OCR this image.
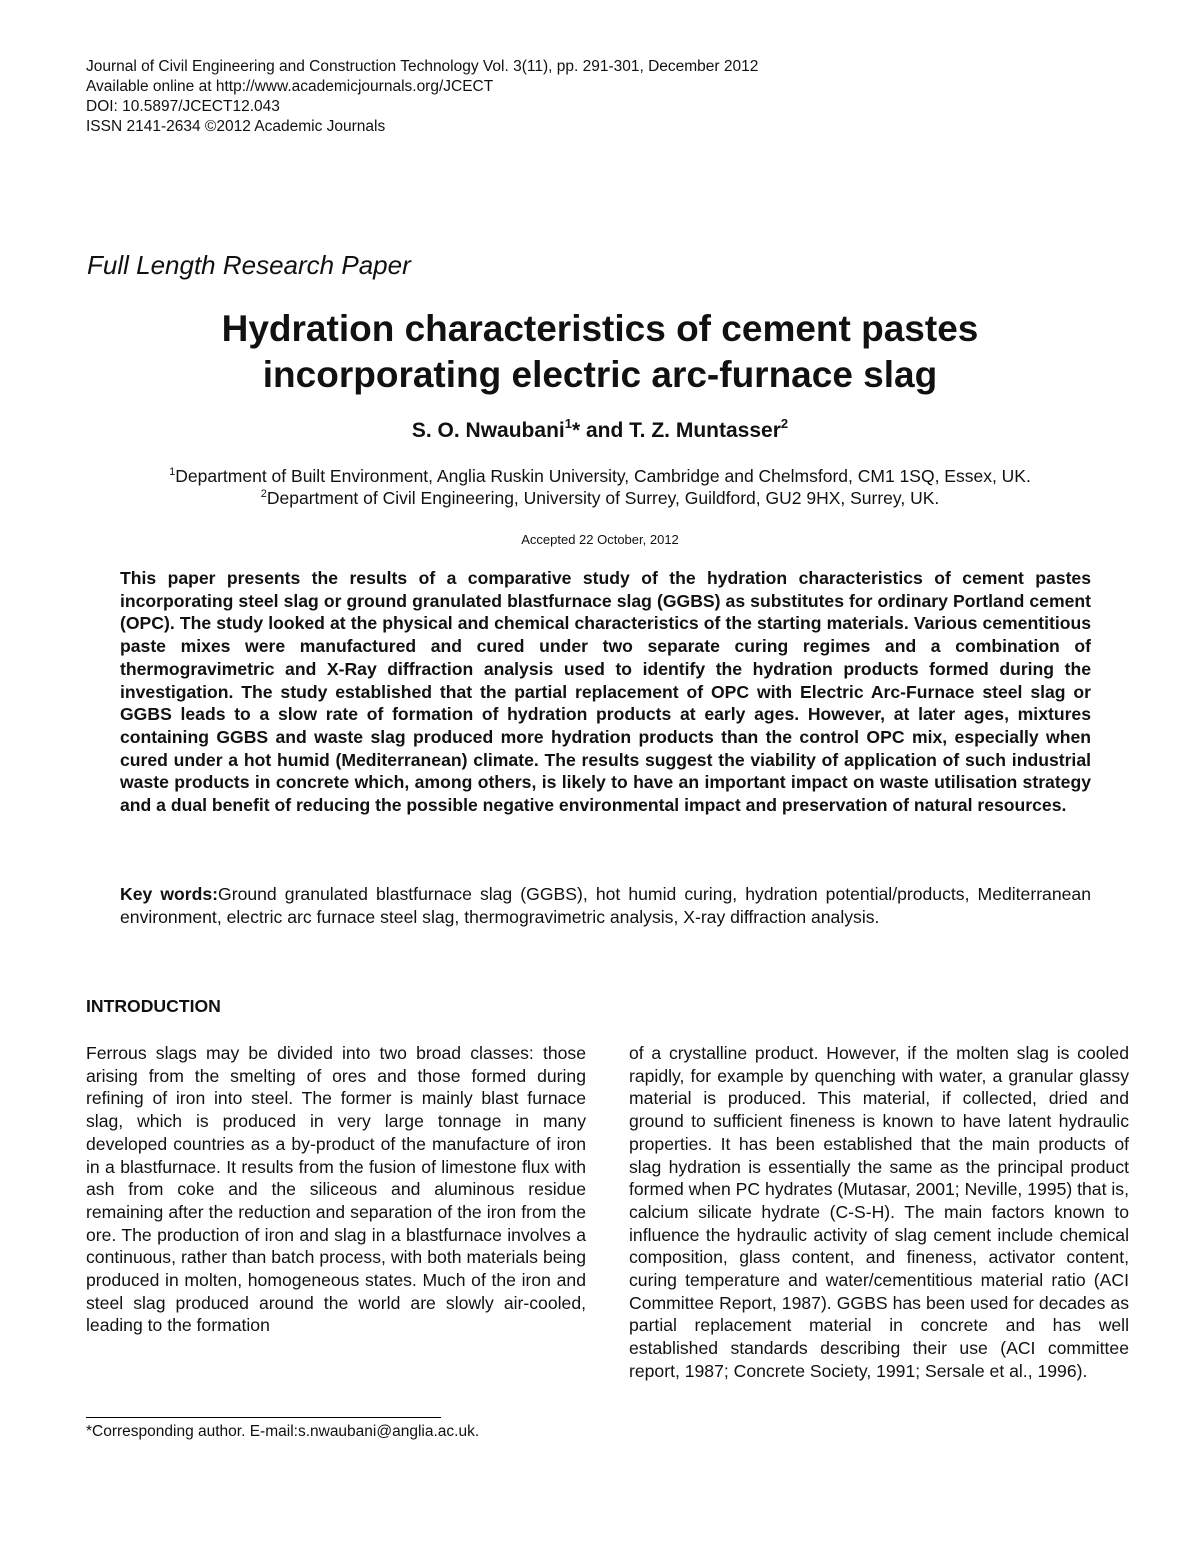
Journal of Civil Engineering and Construction Technology Vol. 3(11), pp. 291-301, December 2012
Available online at http://www.academicjournals.org/JCECT
DOI: 10.5897/JCECT12.043
ISSN 2141-2634 ©2012 Academic Journals
Full Length Research Paper
Hydration characteristics of cement pastes
incorporating electric arc-furnace slag
S. O. Nwaubani$^1$* and T. Z. Muntasser$^2$
$^1$Department of Built Environment, Anglia Ruskin University, Cambridge and Chelmsford, CM1 1SQ, Essex, UK.
$^2$Department of Civil Engineering, University of Surrey, Guildford, GU2 9HX, Surrey, UK.
Accepted 22 October, 2012
This paper presents the results of a comparative study of the hydration characteristics of cement pastes incorporating steel slag or ground granulated blastfurnace slag (GGBS) as substitutes for ordinary Portland cement (OPC). The study looked at the physical and chemical characteristics of the starting materials. Various cementitious paste mixes were manufactured and cured under two separate curing regimes and a combination of thermogravimetric and X-Ray diffraction analysis used to identify the hydration products formed during the investigation. The study established that the partial replacement of OPC with Electric Arc-Furnace steel slag or GGBS leads to a slow rate of formation of hydration products at early ages. However, at later ages, mixtures containing GGBS and waste slag produced more hydration products than the control OPC mix, especially when cured under a hot humid (Mediterranean) climate. The results suggest the viability of application of such industrial waste products in concrete which, among others, is likely to have an important impact on waste utilisation strategy and a dual benefit of reducing the possible negative environmental impact and preservation of natural resources.
Key words:Ground granulated blastfurnace slag (GGBS), hot humid curing, hydration potential/products, Mediterranean environment, electric arc furnace steel slag, thermogravimetric analysis, X-ray diffraction analysis.
INTRODUCTION
Ferrous slags may be divided into two broad classes: those arising from the smelting of ores and those formed during refining of iron into steel. The former is mainly blast furnace slag, which is produced in very large tonnage in many developed countries as a by-product of the manufacture of iron in a blastfurnace. It results from the fusion of limestone flux with ash from coke and the siliceous and aluminous residue remaining after the reduction and separation of the iron from the ore. The production of iron and slag in a blastfurnace involves a continuous, rather than batch process, with both materials being produced in molten, homogeneous states. Much of the iron and steel slag produced around the world are slowly air-cooled, leading to the formation
of a crystalline product. However, if the molten slag is cooled rapidly, for example by quenching with water, a granular glassy material is produced. This material, if collected, dried and ground to sufficient fineness is known to have latent hydraulic properties. It has been established that the main products of slag hydration is essentially the same as the principal product formed when PC hydrates (Mutasar, 2001; Neville, 1995) that is, calcium silicate hydrate (C-S-H). The main factors known to influence the hydraulic activity of slag cement include chemical composition, glass content, and fineness, activator content, curing temperature and water/cementitious material ratio (ACI Committee Report, 1987). GGBS has been used for decades as partial replacement material in concrete and has well established standards describing their use (ACI committee report, 1987; Concrete Society, 1991; Sersale et al., 1996).
*Corresponding author. E-mail:s.nwaubani@anglia.ac.uk.
